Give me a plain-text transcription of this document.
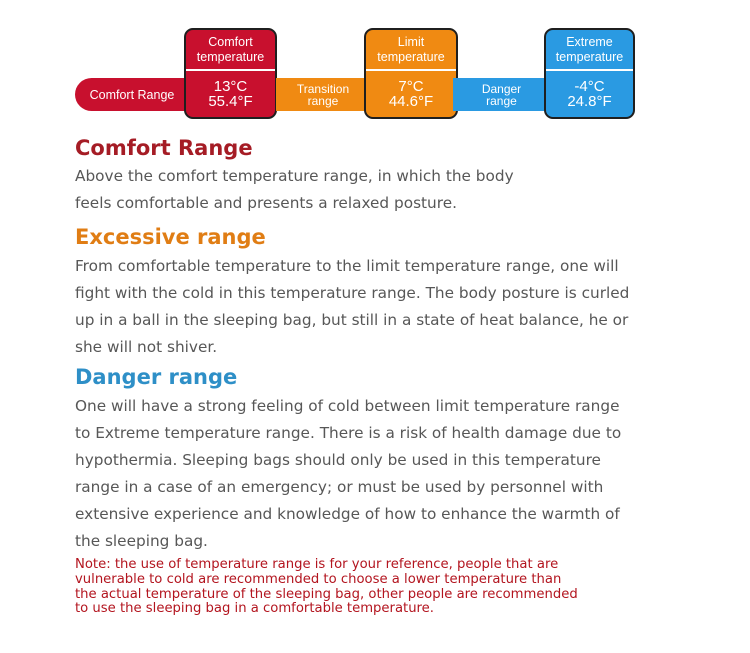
Comfort Range
Comfort
temperature
13°C
55.4°F
Transition
range
Limit
temperature
7°C
44.6°F
Danger
range
Extreme
temperature
-4°C
24.8°F
Comfort Range

Above the comfort temperature range, in which the body
feels comfortable and presents a relaxed posture.

Excessive range

From comfortable temperature to the limit temperature range, one will
fight with the cold in this temperature range. The body posture is curled
up in a ball in the sleeping bag, but still in a state of heat balance, he or
she will not shiver.

Danger range

One will have a strong feeling of cold between limit temperature range
to Extreme temperature range. There is a risk of health damage due to
hypothermia. Sleeping bags should only be used in this temperature
range in a case of an emergency; or must be used by personnel with
extensive experience and knowledge of how to enhance the warmth of
the sleeping bag.

Note: the use of temperature range is for your reference, people that are
vulnerable to cold are recommended to choose a lower temperature than
the actual temperature of the sleeping bag, other people are recommended
to use the sleeping bag in a comfortable temperature.
